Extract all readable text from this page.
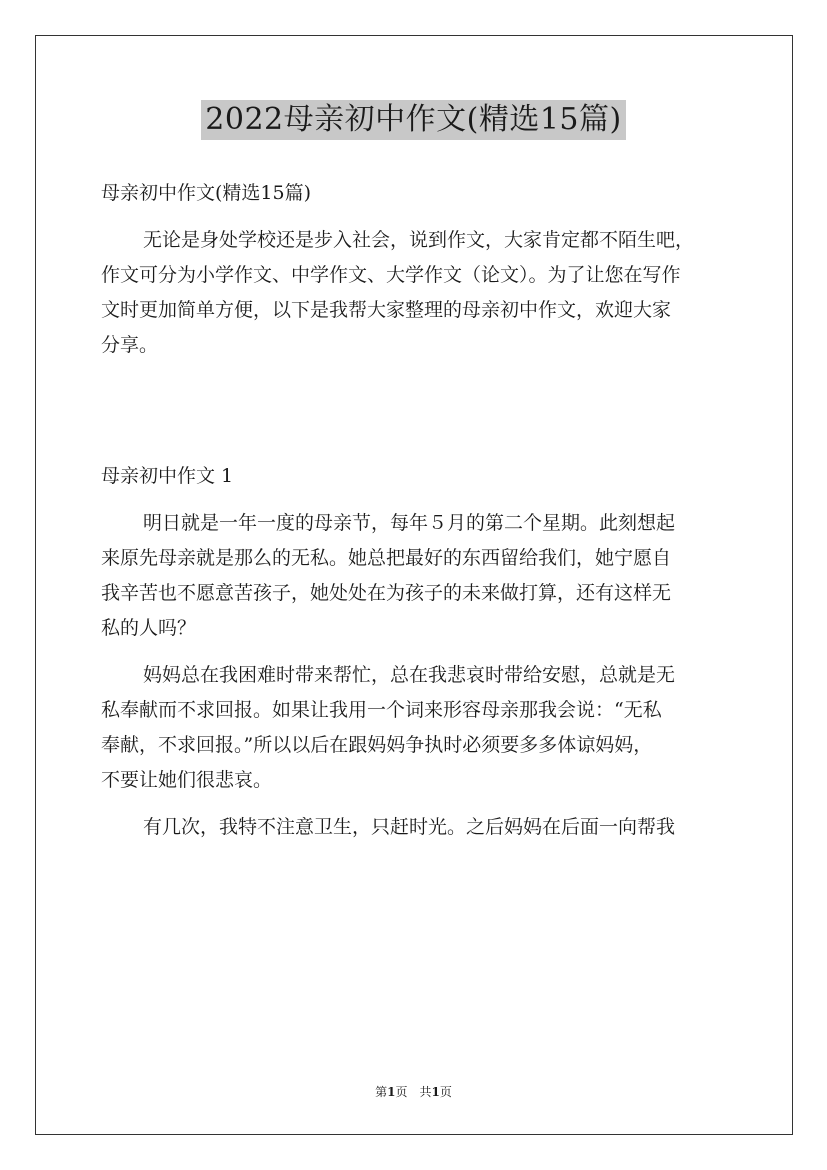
2022母亲初中作文(精选15篇)
母亲初中作文(精选15篇)
无论是身处学校还是步入社会，说到作文，大家肯定都不陌生吧，
作文可分为小学作文、中学作文、大学作文（论文）。为了让您在写作
文时更加简单方便，以下是我帮大家整理的母亲初中作文，欢迎大家
分享。
母亲初中作文 1
明日就是一年一度的母亲节，每年５月的第二个星期。此刻想起
来原先母亲就是那么的无私。她总把最好的东西留给我们，她宁愿自
我辛苦也不愿意苦孩子，她处处在为孩子的未来做打算，还有这样无
私的人吗？
妈妈总在我困难时带来帮忙，总在我悲哀时带给安慰，总就是无
私奉献而不求回报。如果让我用一个词来形容母亲那我会说：“无私
奉献，不求回报。”所以以后在跟妈妈争执时必须要多多体谅妈妈，
不要让她们很悲哀。
有几次，我特不注意卫生，只赶时光。之后妈妈在后面一向帮我
第1页　共1页
